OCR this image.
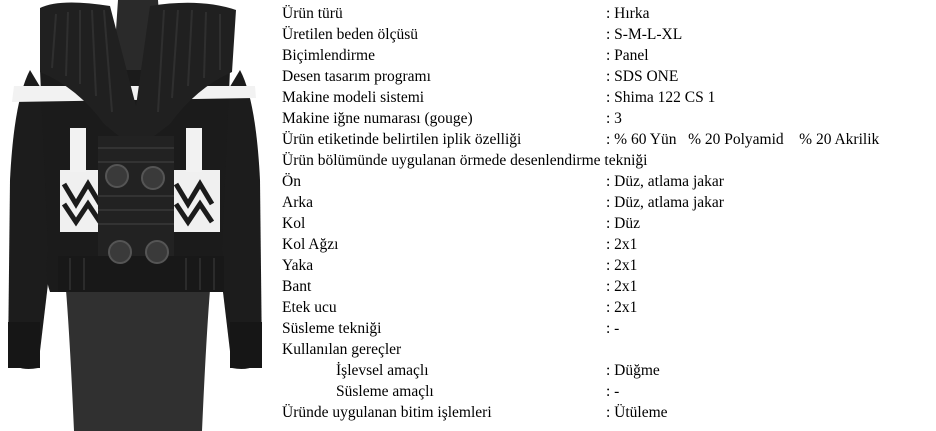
Ürün türü	: Hırka
Üretilen beden ölçüsü	: S-M-L-XL
Biçimlendirme	: Panel
Desen tasarım programı	: SDS ONE
Makine modeli sistemi	: Shima 122 CS 1
Makine iğne numarası (gouge)	: 3
Ürün etiketinde belirtilen iplik özelliği	: % 60 Yün   % 20 Polyamid    % 20 Akrilik
Ürün bölümünde uygulanan örmede desenlendirme tekniği
Ön	: Düz, atlama jakar
Arka	: Düz, atlama jakar
Kol	: Düz
Kol Ağzı	: 2x1
Yaka	: 2x1
Bant	: 2x1
Etek ucu	: 2x1
Süsleme tekniği	: -
Kullanılan gereçler
İşlevsel amaçlı	: Düğme
Süsleme amaçlı	: -
Üründe uygulanan bitim işlemleri	: Ütüleme
